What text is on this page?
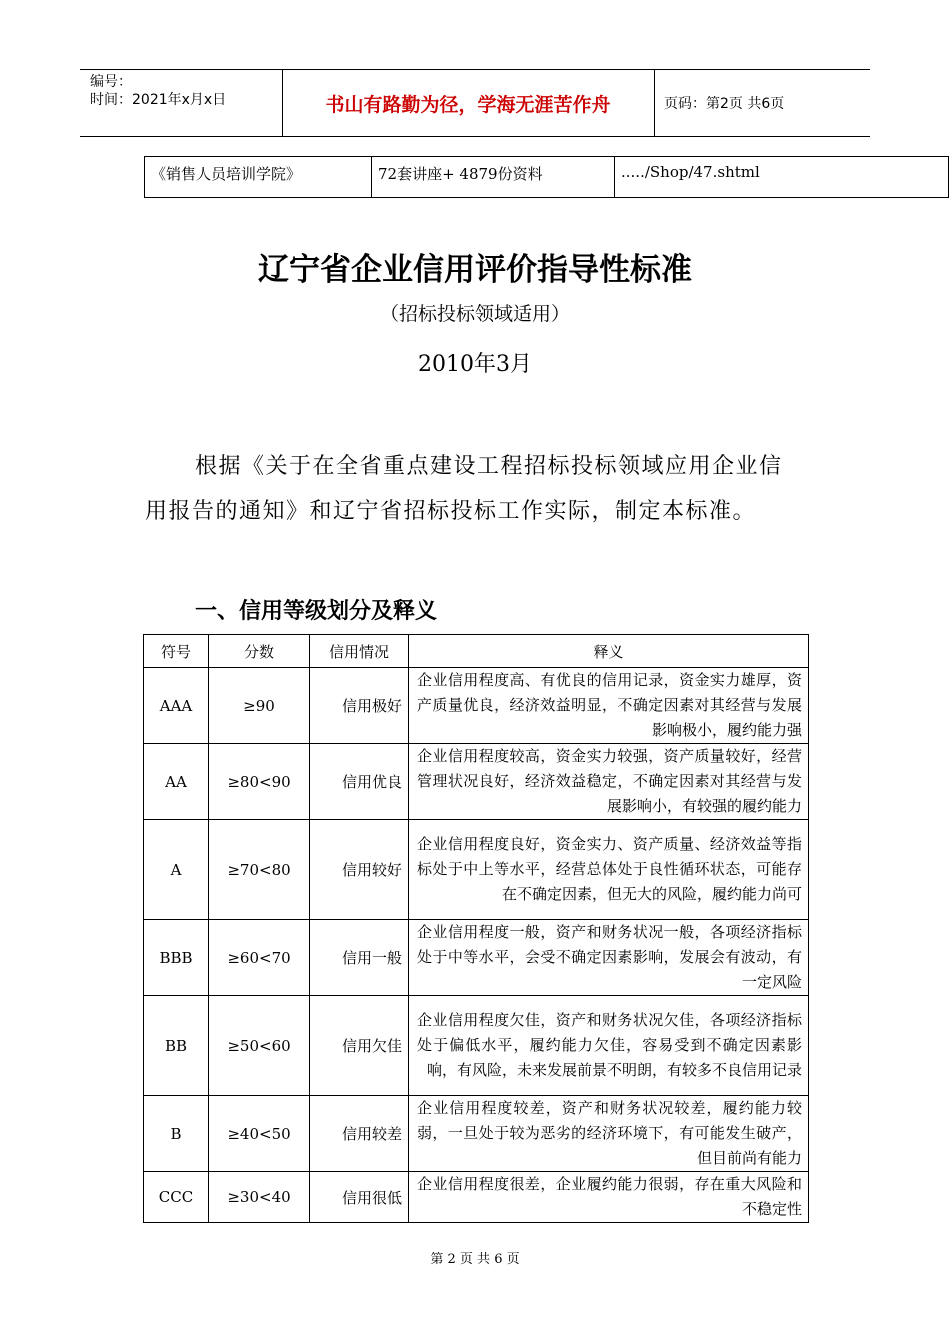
编号：
时间：2021年x月x日	书山有路勤为径，学海无涯苦作舟	页码：第2页 共6页
《销售人员培训学院》	72套讲座+ 4879份资料	...../Shop/47.shtml
辽宁省企业信用评价指导性标准
（招标投标领域适用）
2010年3月
根据《关于在全省重点建设工程招标投标领域应用企业信用报告的通知》和辽宁省招标投标工作实际，制定本标准。
一、信用等级划分及释义
符号	分数	信用情况	释义
AAA	≥90	信用极好	企业信用程度高、有优良的信用记录，资金实力雄厚，资产质量优良，经济效益明显，不确定因素对其经营与发展影响极小，履约能力强
AA	≥80<90	信用优良	企业信用程度较高，资金实力较强，资产质量较好，经营管理状况良好，经济效益稳定，不确定因素对其经营与发展影响小，有较强的履约能力
A	≥70<80	信用较好	企业信用程度良好，资金实力、资产质量、经济效益等指标处于中上等水平，经营总体处于良性循环状态，可能存在不确定因素，但无大的风险，履约能力尚可
BBB	≥60<70	信用一般	企业信用程度一般，资产和财务状况一般，各项经济指标处于中等水平，会受不确定因素影响，发展会有波动，有一定风险
BB	≥50<60	信用欠佳	企业信用程度欠佳，资产和财务状况欠佳，各项经济指标处于偏低水平，履约能力欠佳，容易受到不确定因素影响，有风险，未来发展前景不明朗，有较多不良信用记录
B	≥40<50	信用较差	企业信用程度较差，资产和财务状况较差，履约能力较弱，一旦处于较为恶劣的经济环境下，有可能发生破产，但目前尚有能力
CCC	≥30<40	信用很低	企业信用程度很差，企业履约能力很弱，存在重大风险和不稳定性
第 2 页 共 6 页
